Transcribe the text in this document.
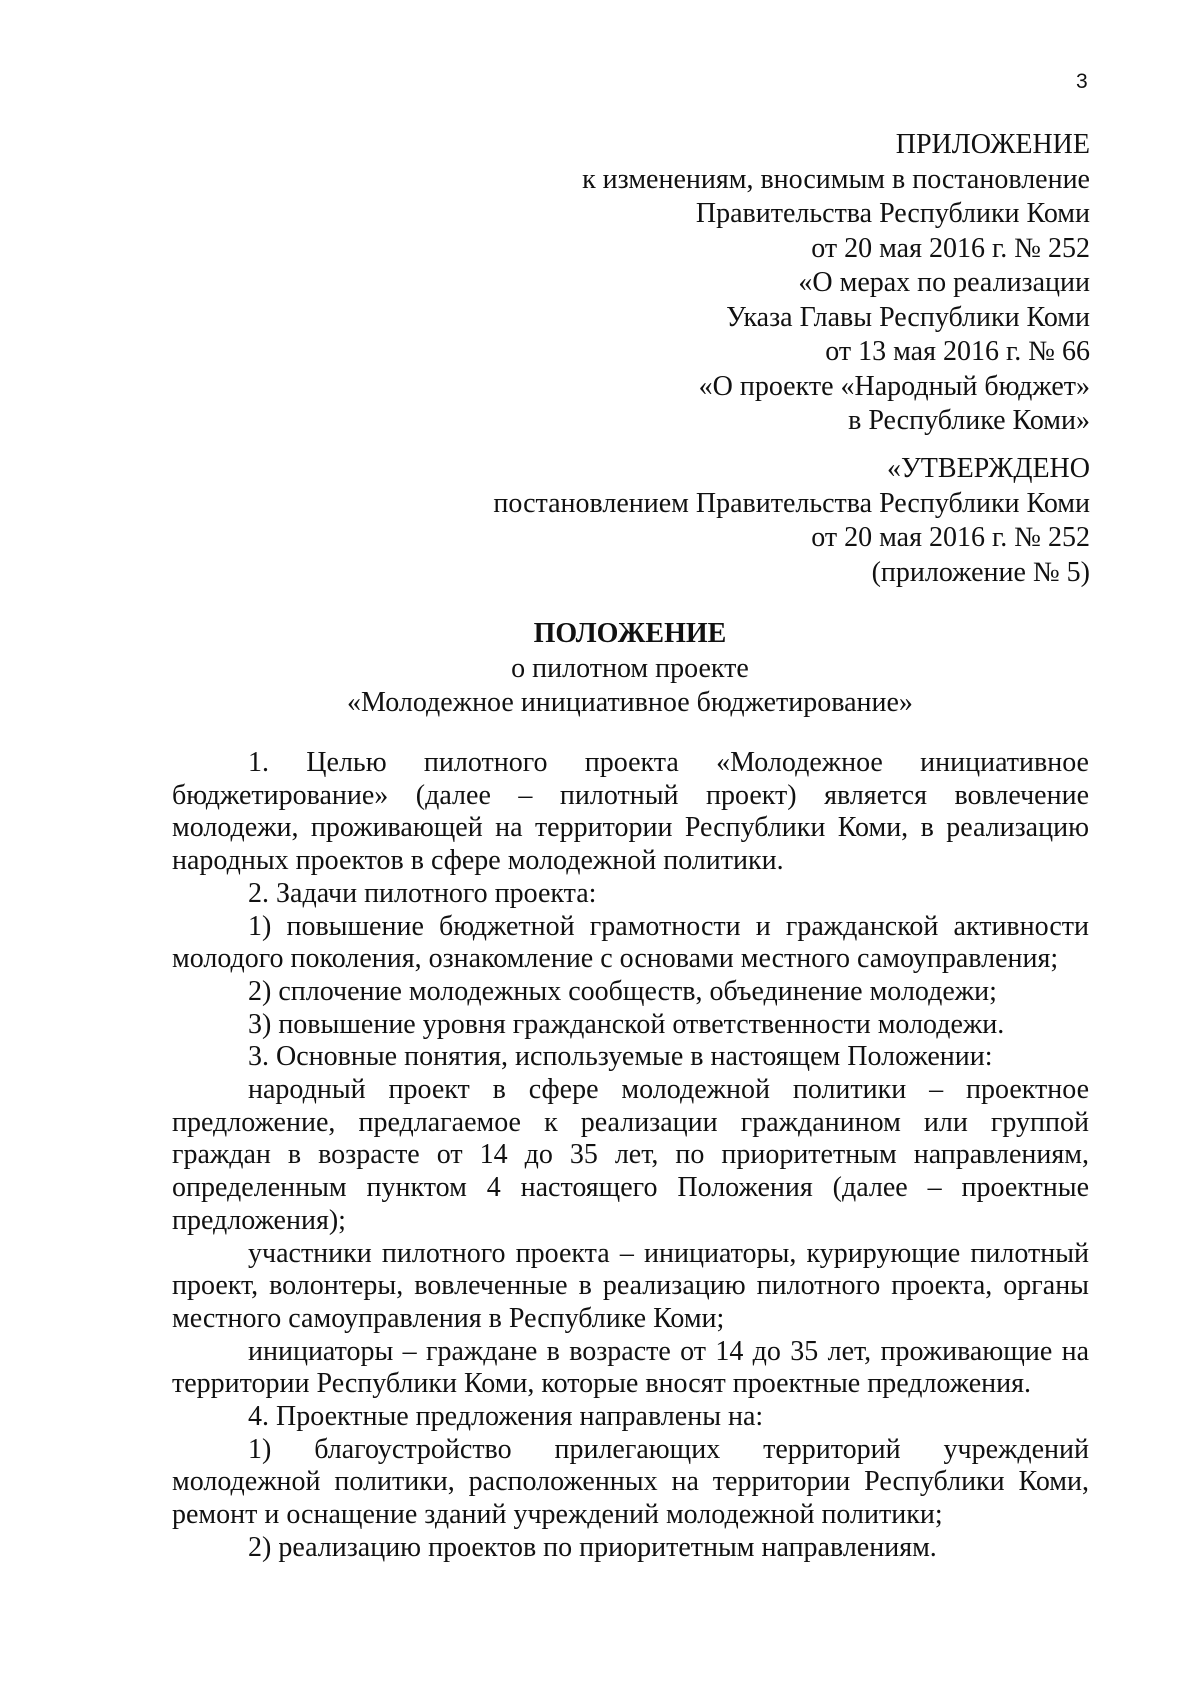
3
ПРИЛОЖЕНИЕ
к изменениям, вносимым в постановление
Правительства Республики Коми
от 20 мая 2016 г. № 252
«О мерах по реализации
Указа Главы Республики Коми
от 13 мая 2016 г. № 66
«О проекте «Народный бюджет»
в Республике Коми»
«УТВЕРЖДЕНО
постановлением Правительства Республики Коми
от 20 мая 2016 г. № 252
(приложение № 5)
ПОЛОЖЕНИЕ
о пилотном проекте
«Молодежное инициативное бюджетирование»

1. Целью пилотного проекта «Молодежное инициативное бюджетирование» (далее – пилотный проект) является вовлечение молодежи, проживающей на территории Республики Коми, в реализацию народных проектов в сфере молодежной политики.

2. Задачи пилотного проекта:

1) повышение бюджетной грамотности и гражданской активности молодого поколения, ознакомление с основами местного самоуправления;

2) сплочение молодежных сообществ, объединение молодежи;

3) повышение уровня гражданской ответственности молодежи.

3. Основные понятия, используемые в настоящем Положении:

народный проект в сфере молодежной политики – проектное предложение, предлагаемое к реализации гражданином или группой граждан в возрасте от 14 до 35 лет, по приоритетным направлениям, определенным пунктом 4 настоящего Положения (далее – проектные предложения);

участники пилотного проекта – инициаторы, курирующие пилотный проект, волонтеры, вовлеченные в реализацию пилотного проекта, органы местного самоуправления в Республике Коми;

инициаторы – граждане в возрасте от 14 до 35 лет, проживающие на территории Республики Коми, которые вносят проектные предложения.

4. Проектные предложения направлены на:

1) благоустройство прилегающих территорий учреждений молодежной политики, расположенных на территории Республики Коми, ремонт и оснащение зданий учреждений молодежной политики;

2) реализацию проектов по приоритетным направлениям.
